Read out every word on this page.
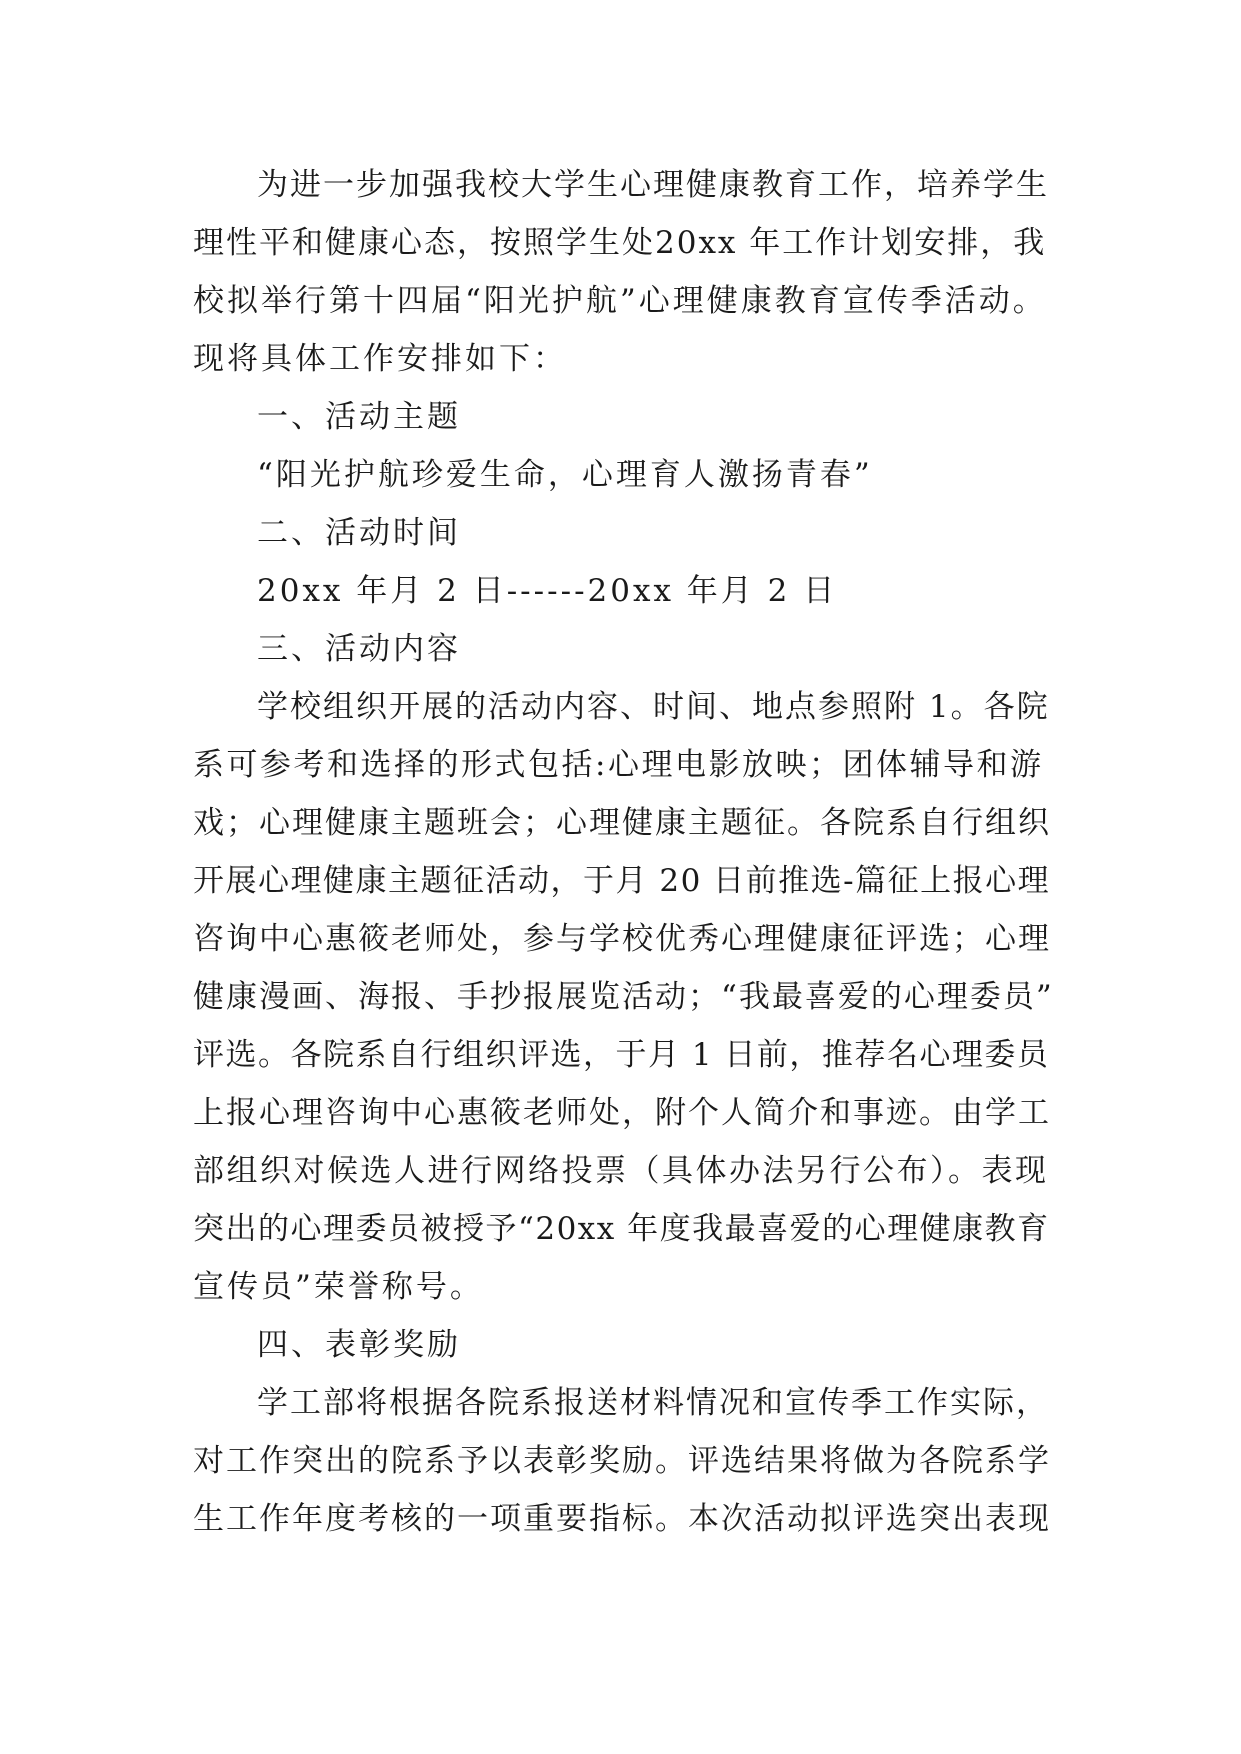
为进一步加强我校大学生心理健康教育工作，培养学生
理性平和健康心态，按照学生处20xx 年工作计划安排，我
校拟举行第十四届“阳光护航”心理健康教育宣传季活动。
现将具体工作安排如下：
一、活动主题
“阳光护航珍爱生命，心理育人激扬青春”
二、活动时间
20xx 年月 2 日------20xx 年月 2 日
三、活动内容
学校组织开展的活动内容、时间、地点参照附 1。各院
系可参考和选择的形式包括:心理电影放映；团体辅导和游
戏；心理健康主题班会；心理健康主题征。各院系自行组织
开展心理健康主题征活动，于月 20 日前推选-篇征上报心理
咨询中心惠筱老师处，参与学校优秀心理健康征评选；心理
健康漫画、海报、手抄报展览活动；“我最喜爱的心理委员”
评选。各院系自行组织评选，于月 1 日前，推荐名心理委员
上报心理咨询中心惠筱老师处，附个人简介和事迹。由学工
部组织对候选人进行网络投票（具体办法另行公布）。表现
突出的心理委员被授予“20xx 年度我最喜爱的心理健康教育
宣传员”荣誉称号。
四、表彰奖励
学工部将根据各院系报送材料情况和宣传季工作实际，
对工作突出的院系予以表彰奖励。评选结果将做为各院系学
生工作年度考核的一项重要指标。本次活动拟评选突出表现
